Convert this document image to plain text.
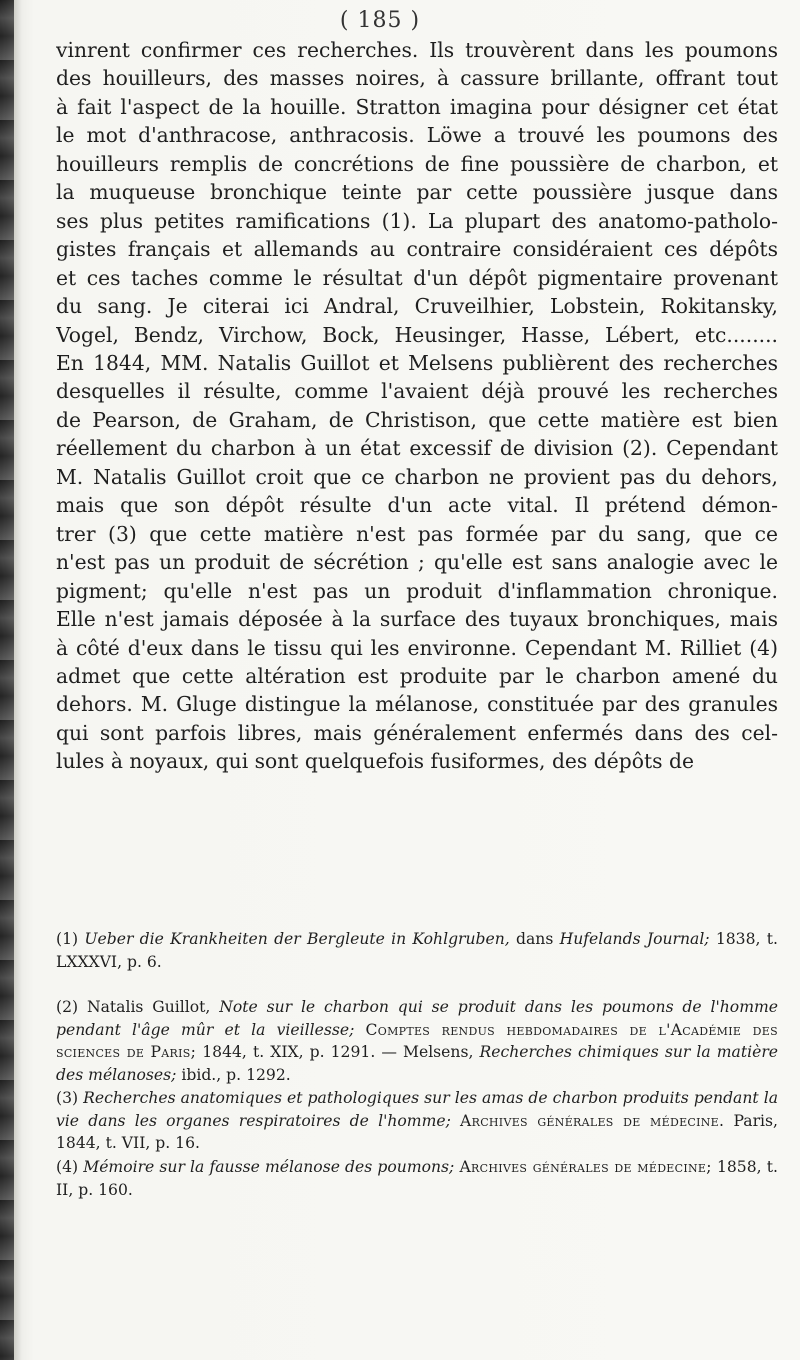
( 185 )
vinrent confirmer ces recherches. Ils trouvèrent dans les poumons
des houilleurs, des masses noires, à cassure brillante, offrant tout
à fait l'aspect de la houille. Stratton imagina pour désigner cet état
le mot d'anthracose, anthracosis. Löwe a trouvé les poumons des
houilleurs remplis de concrétions de fine poussière de charbon, et
la muqueuse bronchique teinte par cette poussière jusque dans
ses plus petites ramifications (1). La plupart des anatomo-patholo-
gistes français et allemands au contraire considéraient ces dépôts
et ces taches comme le résultat d'un dépôt pigmentaire provenant
du sang. Je citerai ici Andral, Cruveilhier, Lobstein, Rokitansky,
Vogel, Bendz, Virchow, Bock, Heusinger, Hasse, Lébert, etc........
En 1844, MM. Natalis Guillot et Melsens publièrent des recherches
desquelles il résulte, comme l'avaient déjà prouvé les recherches
de Pearson, de Graham, de Christison, que cette matière est bien
réellement du charbon à un état excessif de division (2). Cependant
M. Natalis Guillot croit que ce charbon ne provient pas du dehors,
mais que son dépôt résulte d'un acte vital. Il prétend démon-
trer (3) que cette matière n'est pas formée par du sang, que ce
n'est pas un produit de sécrétion ; qu'elle est sans analogie avec le
pigment; qu'elle n'est pas un produit d'inflammation chronique.
Elle n'est jamais déposée à la surface des tuyaux bronchiques, mais
à côté d'eux dans le tissu qui les environne. Cependant M. Rilliet (4)
admet que cette altération est produite par le charbon amené du
dehors. M. Gluge distingue la mélanose, constituée par des granules
qui sont parfois libres, mais généralement enfermés dans des cel-
lules à noyaux, qui sont quelquefois fusiformes, des dépôts de
(1) Ueber die Krankheiten der Bergleute in Kohlgruben, dans Hufelands Journal; 1838, t. LXXXVI, p. 6.
(2) Natalis Guillot, Note sur le charbon qui se produit dans les poumons de l'homme pendant l'âge mûr et la vieillesse; Comptes rendus hebdomadaires de l'Académie des sciences de Paris; 1844, t. XIX, p. 1291. — Melsens, Recherches chimiques sur la matière des mélanoses; ibid., p. 1292.
(3) Recherches anatomiques et pathologiques sur les amas de charbon produits pendant la vie dans les organes respiratoires de l'homme; Archives générales de médecine. Paris, 1844, t. VII, p. 16.
(4) Mémoire sur la fausse mélanose des poumons; Archives générales de médecine; 1858, t. II, p. 160.
